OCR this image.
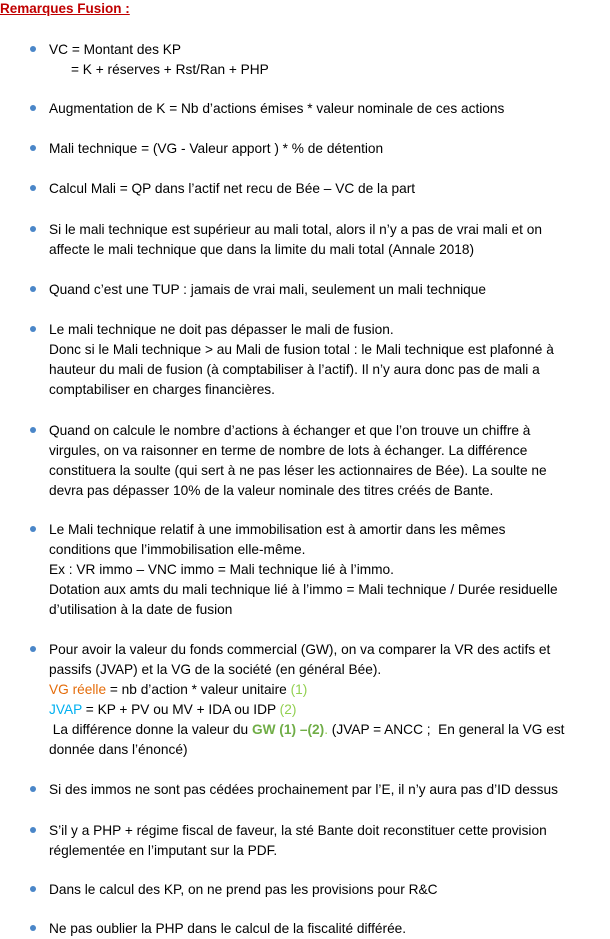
Remarques Fusion :
VC = Montant des KP
= K + réserves + Rst/Ran + PHP
Augmentation de K = Nb d’actions émises * valeur nominale de ces actions
Mali technique = (VG - Valeur apport ) * % de détention
Calcul Mali = QP dans l’actif net recu de Bée – VC de la part
Si le mali technique est supérieur au mali total, alors il n’y a pas de vrai mali et on
affecte le mali technique que dans la limite du mali total (Annale 2018)
Quand c’est une TUP : jamais de vrai mali, seulement un mali technique
Le mali technique ne doit pas dépasser le mali de fusion.
Donc si le Mali technique > au Mali de fusion total : le Mali technique est plafonné à
hauteur du mali de fusion (à comptabiliser à l’actif). Il n’y aura donc pas de mali a
comptabiliser en charges financières.
Quand on calcule le nombre d’actions à échanger et que l’on trouve un chiffre à
virgules, on va raisonner en terme de nombre de lots à échanger. La différence
constituera la soulte (qui sert à ne pas léser les actionnaires de Bée). La soulte ne
devra pas dépasser 10% de la valeur nominale des titres créés de Bante.
Le Mali technique relatif à une immobilisation est à amortir dans les mêmes
conditions que l’immobilisation elle-même.
Ex : VR immo – VNC immo = Mali technique lié à l’immo.
Dotation aux amts du mali technique lié à l’immo = Mali technique / Durée residuelle
d’utilisation à la date de fusion
Pour avoir la valeur du fonds commercial (GW), on va comparer la VR des actifs et
passifs (JVAP) et la VG de la société (en général Bée).
VG réelle = nb d’action * valeur unitaire (1)
JVAP = KP + PV ou MV + IDA ou IDP (2)
La différence donne la valeur du GW (1) –(2). (JVAP = ANCC ;  En general la VG est
donnée dans l’énoncé)
Si des immos ne sont pas cédées prochainement par l’E, il n’y aura pas d’ID dessus
S’il y a PHP + régime fiscal de faveur, la sté Bante doit reconstituer cette provision
réglementée en l’imputant sur la PDF.
Dans le calcul des KP, on ne prend pas les provisions pour R&C
Ne pas oublier la PHP dans le calcul de la fiscalité différée.
